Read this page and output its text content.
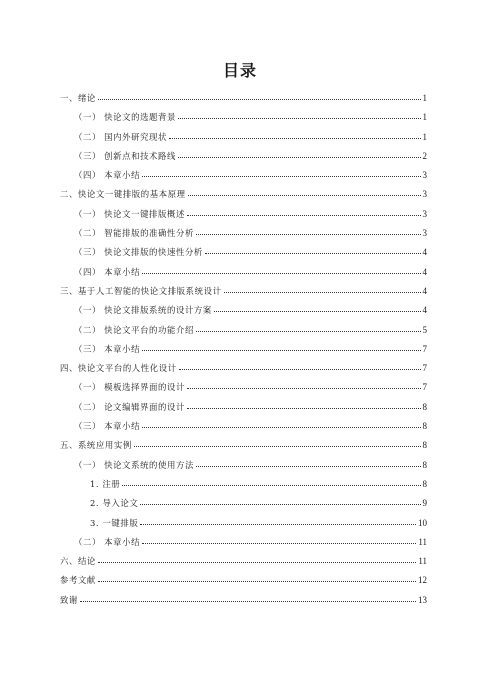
目录
一、绪论	1
（一） 快论文的选题背景	1
（二） 国内外研究现状	1
（三） 创新点和技术路线	2
（四） 本章小结	3
二、快论文一键排版的基本原理	3
（一） 快论文一键排版概述	3
（二） 智能排版的准确性分析	3
（三） 快论文排版的快速性分析	4
（四） 本章小结	4
三、基于人工智能的快论文排版系统设计	4
（一） 快论文排版系统的设计方案	4
（二） 快论文平台的功能介绍	5
（三） 本章小结	7
四、快论文平台的人性化设计	7
（一） 模板选择界面的设计	7
（二） 论文编辑界面的设计	8
（三） 本章小结	8
五、系统应用实例	8
（一） 快论文系统的使用方法	8
1. 注册	8
2. 导入论文	9
3. 一键排版	10
（二） 本章小结	11
六、结论	11
参考文献	12
致谢	13
